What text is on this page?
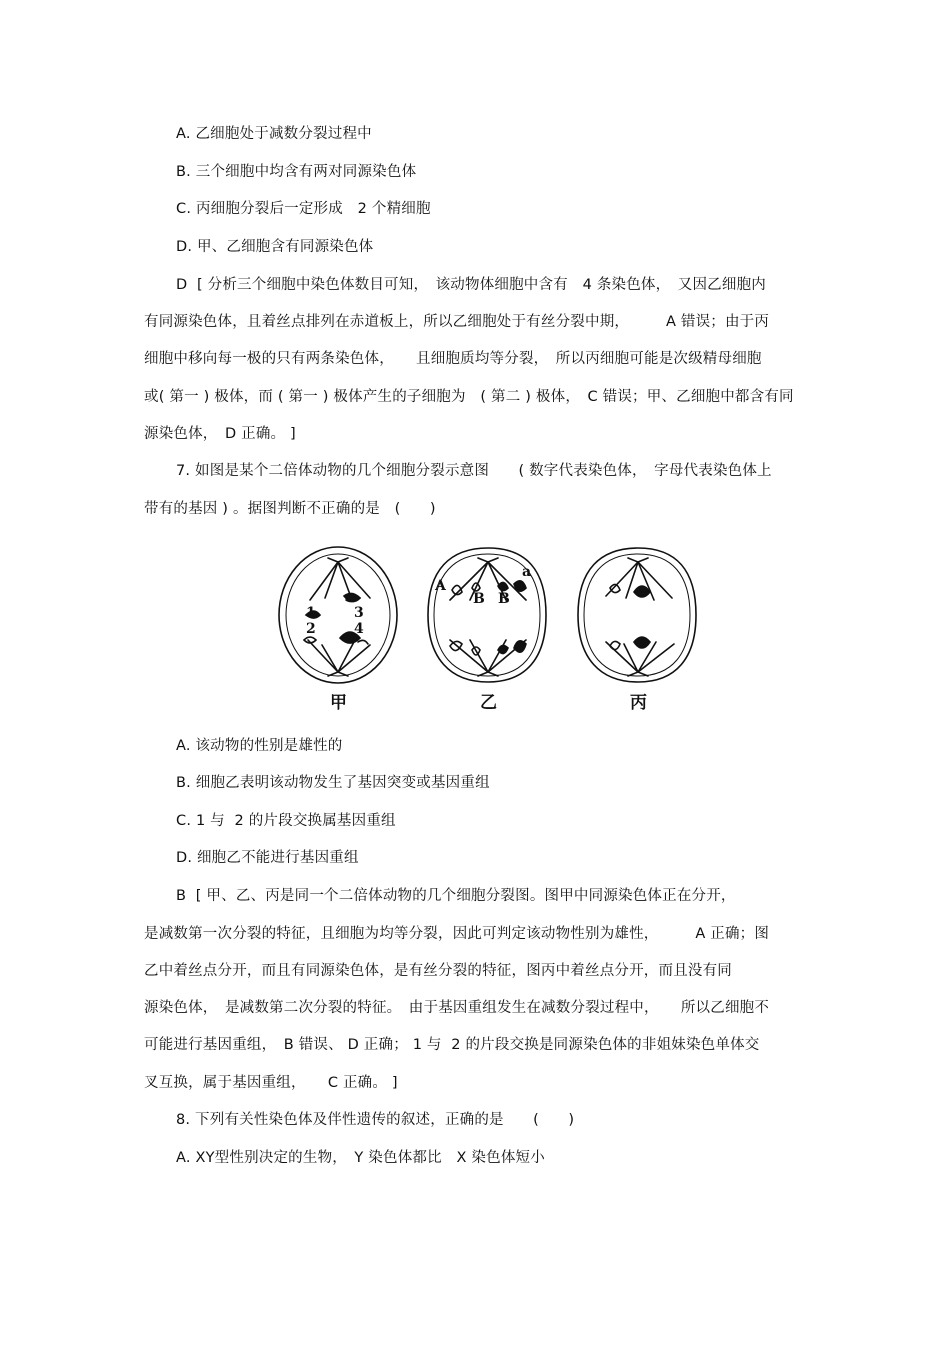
A. 乙细胞处于减数分裂过程中
B. 三个细胞中均含有两对同源染色体
C. 丙细胞分裂后一定形成　2 个精细胞
D. 甲、乙细胞含有同源染色体
D  [ 分析三个细胞中染色体数目可知，　该动物体细胞中含有　4 条染色体，　又因乙细胞内
有同源染色体，且着丝点排列在赤道板上，所以乙细胞处于有丝分裂中期，　　　A 错误；由于丙
细胞中移向每一极的只有两条染色体，　　且细胞质均等分裂，　所以丙细胞可能是次级精母细胞
或( 第一 ) 极体，而 ( 第一 ) 极体产生的子细胞为　( 第二 ) 极体，　C 错误；甲、乙细胞中都含有同
源染色体，　D 正确。 ]
7. 如图是某个二倍体动物的几个细胞分裂示意图　　( 数字代表染色体，　字母代表染色体上
带有的基因 ) 。据图判断不正确的是　(　　)
1
2
3
4
A
B B
a
甲	乙	丙
A. 该动物的性别是雄性的
B. 细胞乙表明该动物发生了基因突变或基因重组
C. 1 与  2 的片段交换属基因重组
D. 细胞乙不能进行基因重组
B  [ 甲、乙、丙是同一个二倍体动物的几个细胞分裂图。图甲中同源染色体正在分开，
是减数第一次分裂的特征，且细胞为均等分裂，因此可判定该动物性别为雄性，　　　A 正确；图
乙中着丝点分开，而且有同源染色体，是有丝分裂的特征，图丙中着丝点分开，而且没有同
源染色体，　是减数第二次分裂的特征。　由于基因重组发生在减数分裂过程中，　　所以乙细胞不
可能进行基因重组，　B 错误、 D 正确； 1 与  2 的片段交换是同源染色体的非姐妹染色单体交
叉互换，属于基因重组，　　C 正确。 ]
8. 下列有关性染色体及伴性遗传的叙述，正确的是　　(　　)
A. XY型性别决定的生物，　Y 染色体都比　X 染色体短小
